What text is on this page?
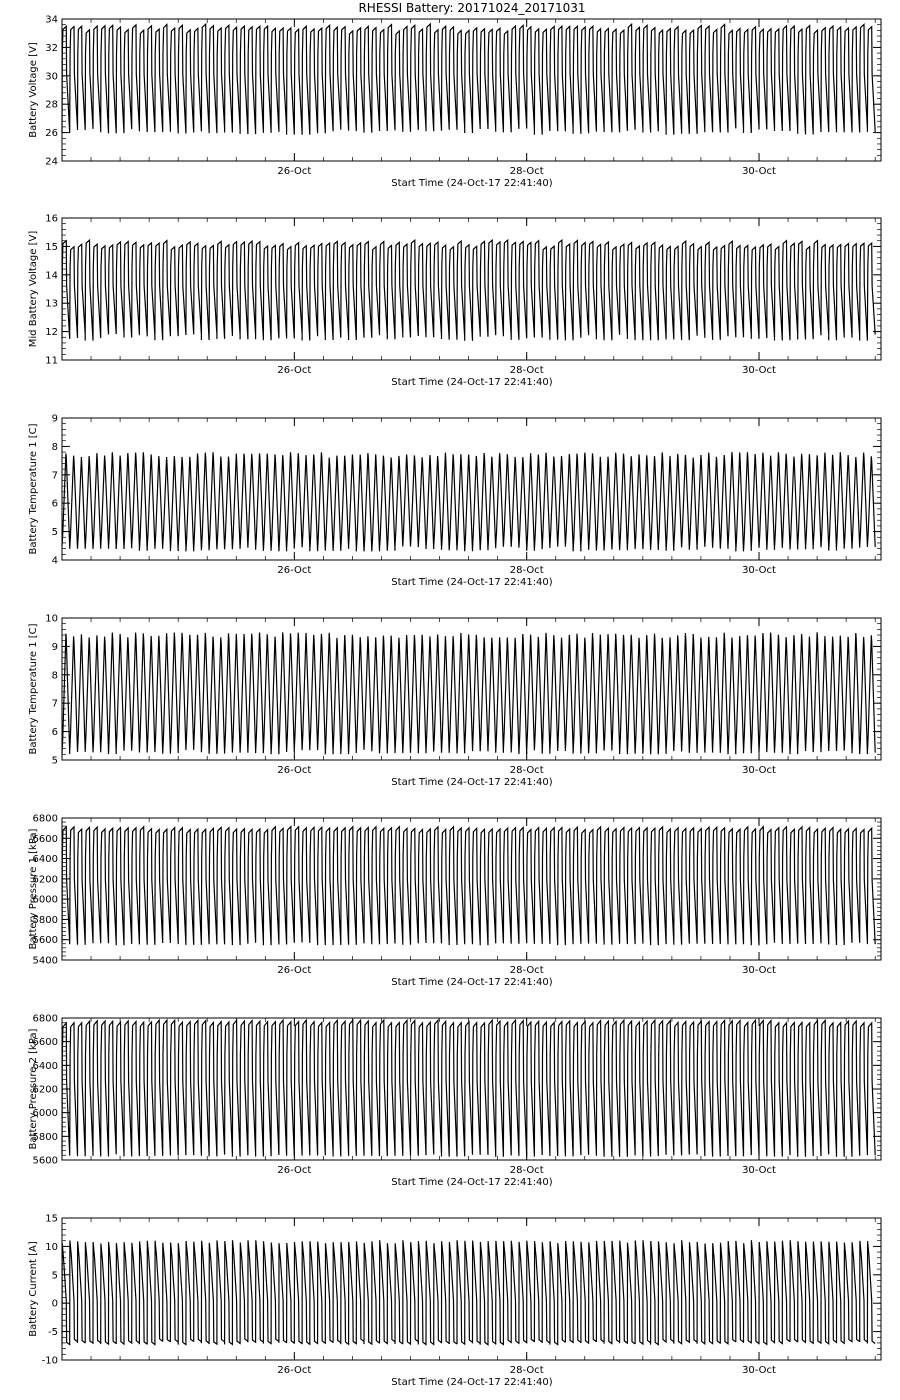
RHESSI Battery: 20171024_20171031
24
26
28
30
32
34
26-Oct	28-Oct	30-Oct
Start Time (24-Oct-17 22:41:40)
Battery Voltage [V]
11
12
13
14
15
16
26-Oct	28-Oct	30-Oct
Start Time (24-Oct-17 22:41:40)
Mid Battery Voltage [V]
4
5
6
7
8
9
26-Oct	28-Oct	30-Oct
Start Time (24-Oct-17 22:41:40)
Battery Temperature 1 [C]
5
6
7
8
9
10
26-Oct	28-Oct	30-Oct
Start Time (24-Oct-17 22:41:40)
Battery Temperature 1 [C]
5400
5600
5800
6000
6200
6400
6600
6800
26-Oct	28-Oct	30-Oct
Start Time (24-Oct-17 22:41:40)
Battery Pressure 1 [kPa]
5600
5800
6000
6200
6400
6600
6800
26-Oct	28-Oct	30-Oct
Start Time (24-Oct-17 22:41:40)
Battery Pressure 2 [kPa]
-10
-5
0
5
10
15
26-Oct	28-Oct	30-Oct
Start Time (24-Oct-17 22:41:40)
Battery Current [A]
